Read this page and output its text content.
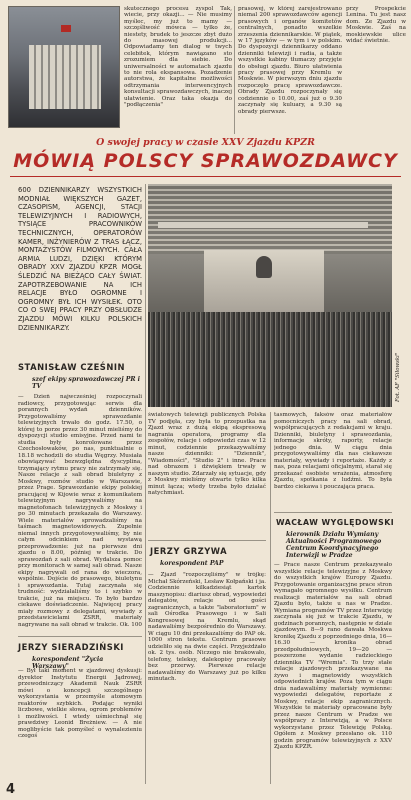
skutecznego procesu zyspol Tak, wiecie, przy okazji... — Nie musimy myślec, my już to mamy — szczęśliwość mówca — tylko że, niestety, brudek to jeszcze zbyt dużo do masowej produkcji... Odpowiadamy ten dialog w twych celebitek, którym nawiązano sto zrozumiem dla siebie. Do uniwersalności w automatach zjazdu to nie rola ekspansowa. Pozadzenie autorstwa, że kapitalne możliwości odtrzymania interwencyjnych konsultacji sprawozdawczych, inaczej ułatwienie. Oraz taka okazja do "podłączenia"
prasowej, w której zarejestrowano niemal 200 sprawozdawców agencji prasowych i organów komitetów centralnych, ponadto wszelkie zrzeszenia dziennikarskie. W piątek, w 17 języków — w tym i w polskim. Do dyspozycji dziennikarzy oddano dzienniki telewizji i radia, a także wszystkie kabiny tłumaczy przyjęte do obsługi zjazdu. Biuro ułatwienia pracy prasowej przy Kremlu w Moskwie. W pierwszym dniu zjazdu rozpoczęło pracę sprawozdawcze. Obrady Zjazdu rozpoczynały się codziennie o 10.00, zaś już o 9.30 zaczynały się kuluary, a 9.30 są obrady pierwsze.
przy Prospekcie Lenina. Tu jest nasz dom. Ze Zjazdu w Moskwie. Zaś na moskiewskie ulice widać świetnie.
O swojej pracy w czasie XXV Zjazdu KPZR
MÓWIĄ POLSCY SPRAWOZDAWCY
600 DZIENNIKARZY WSZYSTKICH MODNIAŁ WIĘKSZYCH GAZET, CZASOPISM, AGENCJI, STACJI TELEWIZYJNYCH I RADIOWYCH, TYSIĄCE PRACOWNIKÓW TECHNICZNYCH, OPERATORÓW KAMER, INŻYNIERÓW Z TRAS ŁĄCZ, MONTAŻYSTÓW FILMOWYCH. CAŁA ARMIA LUDZI, DZIĘKI KTÓRYM OBRADY XXV ZJAZDU KPZR MOGŁ ŚLEDZIĆ NA BIEŻĄCO CAŁY ŚWIAT. ZAPOTRZEBOWANIE NA ICH RELACJE BYŁO OGROMNE I OGROMNY BYŁ ICH WYSIŁEK. OTO CO O SWEJ PRACY PRZY OBSŁUDZE ZJAZDU MÓWI KILKU POLSKICH DZIENNIKARZY.
STANISŁAW CZEŚNIN
szef ekipy sprawozdawczej PR i TV
— Dzień najwcześniej rozpoczynali radiowcy, przygotowując serwis dla porannych wydań dzienników. Przygotowaliśmy sprawozdanie telewizyjnych trwało do godz. 17.50, o której to porze przez 30 minut mieliśmy do dyspozycji studio emisyjne. Przed nami te studia były konrolowane przez Czechosłowaków, po nas, punktualnie o 18.18 wchodzili do studia Węgrzy. Musiała obowiązywać bezwzględna dyscyplina, trzymający rytmu pracy nie zatrzymały się. Nasze relacje z sali obrad biuletyny z Moskwy, rozmów studio w Warszawie, przez Prage. Sprawozdanie ekipy polskiej pracującej w Kijowie wraz z komunikatem telewizyjnym nagrywaliśmy na magnetofonach telewizyjnych z Moskwy i po 30 minutach przekazała do Warszawy. Wiele materiałów sprowadzaliśmy na taśmach magnetowidowych. Zupełnie niemal innych przygotowywaliśmy, by nie całym odcinkiem nad wystawą przeprowadzenie: już na pierwsze dni zjazdu o 8.00, później w trakcie. Do sprawozdań z sali obrad. Wydalsza pomoc przy monitorach w samej sali obrad. Nasze ekipy nagrywali od rana do wieczora, wspólnie. Dojście do prasowego, biuletynu i sprawozdania. Tutaj zaczynała się trudność: wydziałaliśmy to i szybko w trakcie, już na miejscu. To było bardzo ciekawe doświadczenie. Najwięcej pracy miały rozmowy z delegatami, wywiady z przedstawicielami ZSRR, materiały nagrywane na sali obrad w trakcie. Ok. 100
JERZY SIERADZIŃSKI
korespondent "Życia Warszawy"
— Był taki moment w zjazdowej dyskusji: dyrektor Instytutu Energii Jądrowej, przewodniczący Akademii Nauk ZSRR mówi o koncepcji szczególnego wykorzystania w przemyśle atomowym reaktorów szybkich. Podając wyniki liczbowe, wielkie słowa, ogrom problemów i możliwości. I wtedy uśmiechnął się prawdziwy Leonid Breżniew. — A nie moglibyście tak pomyśleć o wynalezieniu czegoś
Fot. AF "Siłowski"
światowych telewizji publicznych Polska TV podjęła, czy była to przepustka na Zjazd wraz z dużą ekipą ekspresową nagrania operatora, programy dla zespołów, relacje i odpowiedzi czas w 12 minut, codziennie przekazywaliśmy nasze dzienniki: "Dziennik", "Wiadomości", "Studio 2" i inne. Prace nad obrazem i dźwiękiem trwały w naszym studio. Zdarzały się sytuacje, gdy z Moskwy mieliśmy otwarte tylko kilka minut łącza; wtedy trzeba było działać natychmiast.
JERZY GRZYWA
korespondent PAP
— Zjazd "rozpoczęliśmy" w trójkę: Michał Skórzeński, Lesław Kołpański i ja. Codziennie kilkadziesiąt kartek maszynopisu: diariusz obrad, wypowiedzi delegatów, relacje od gości zagranicznych, a także "laboratorium" w sali Ośrodka Prasowego i w Sali Kongresowej na Kremlu, skąd nadawaliśmy bezpośrednio do Warszawy. W ciągu 10 dni przekazaliśmy do PAP ok. 1000 stron tekstu. Centrum prasowe udzieliło się na dwie części. Przyjeżdżało ok. 2 tys. osób. Niczego nie brakowało, telefony, teleksy, dalekopisy pracowały bez przerwy. Pierwsze relacje nadawaliśmy do Warszawy już po kilku minutach.
tasmowych, faksów oraz materiałów pomocniczych pracy na sali obrad, współpracujących z redakcjami w kraju. Dzienniki, biuletyny i sprawozdania, informacje skróty, raporty, relacje jednego dnia. W ciągu dnia przygotowywaliśmy dla nas ciekawsze materiały, wywiady i reportaże. Każdy z nas, poza relacjami oficjalnymi, starał się przekazać osobiste wrażenia, atmosferę Zjazdu, spotkania z ludźmi. To była bardzo ciekawa i pouczająca praca.
WACŁAW WYGLĘDOWSKI
kierownik Działu Wymiany Aktualności Programowego Centrum Koordynacyjnego Interwizji w Pradze
— Prace nasze Centrum przekazywało wszystkie relacje telewizyjne z Moskwy do wszystkich krajów Europy Zjazdu. Przygotowanie organizacyjne prace stron wymagało ogromnego wysiłku. Centrum realizacji materiałów na sali obrad Zjazdu było, także u nas w Pradze. Wymiana programów TV przez Interwizję zaczynała się już w trakcie Zjazdu, w godzinach porannych, następnie w dziale zjazdowym. 8—9 rano dawała Moskwa kronikę Zjazdu z poprzedniego dnia, 16—16.30 — kronika obrad przedpołudniowych, 19—20 — poszerzone wydanie radzieckiego dziennika TV "Wremia". To trzy stałe relacje zjazdowych przekazywane na żywo i magnetowidy wszystkich odpowiednich krajów. Poza tym w ciągu dnia nadawaliśmy materiały wymienne: wypowiedzi delegatów, reportaże z Moskwy, relacje ekip zagranicznych. Wszystkie te materiały opracowane były przez nasze Centrum w Pradze we współpracy z Interwizją, a w Polsce wykorzystane przez Telewizję Polską. Ogółem z Moskwy przesłano ok. 110 godzin programów telewizyjnych z XXV Zjazdu KPZR.
4
